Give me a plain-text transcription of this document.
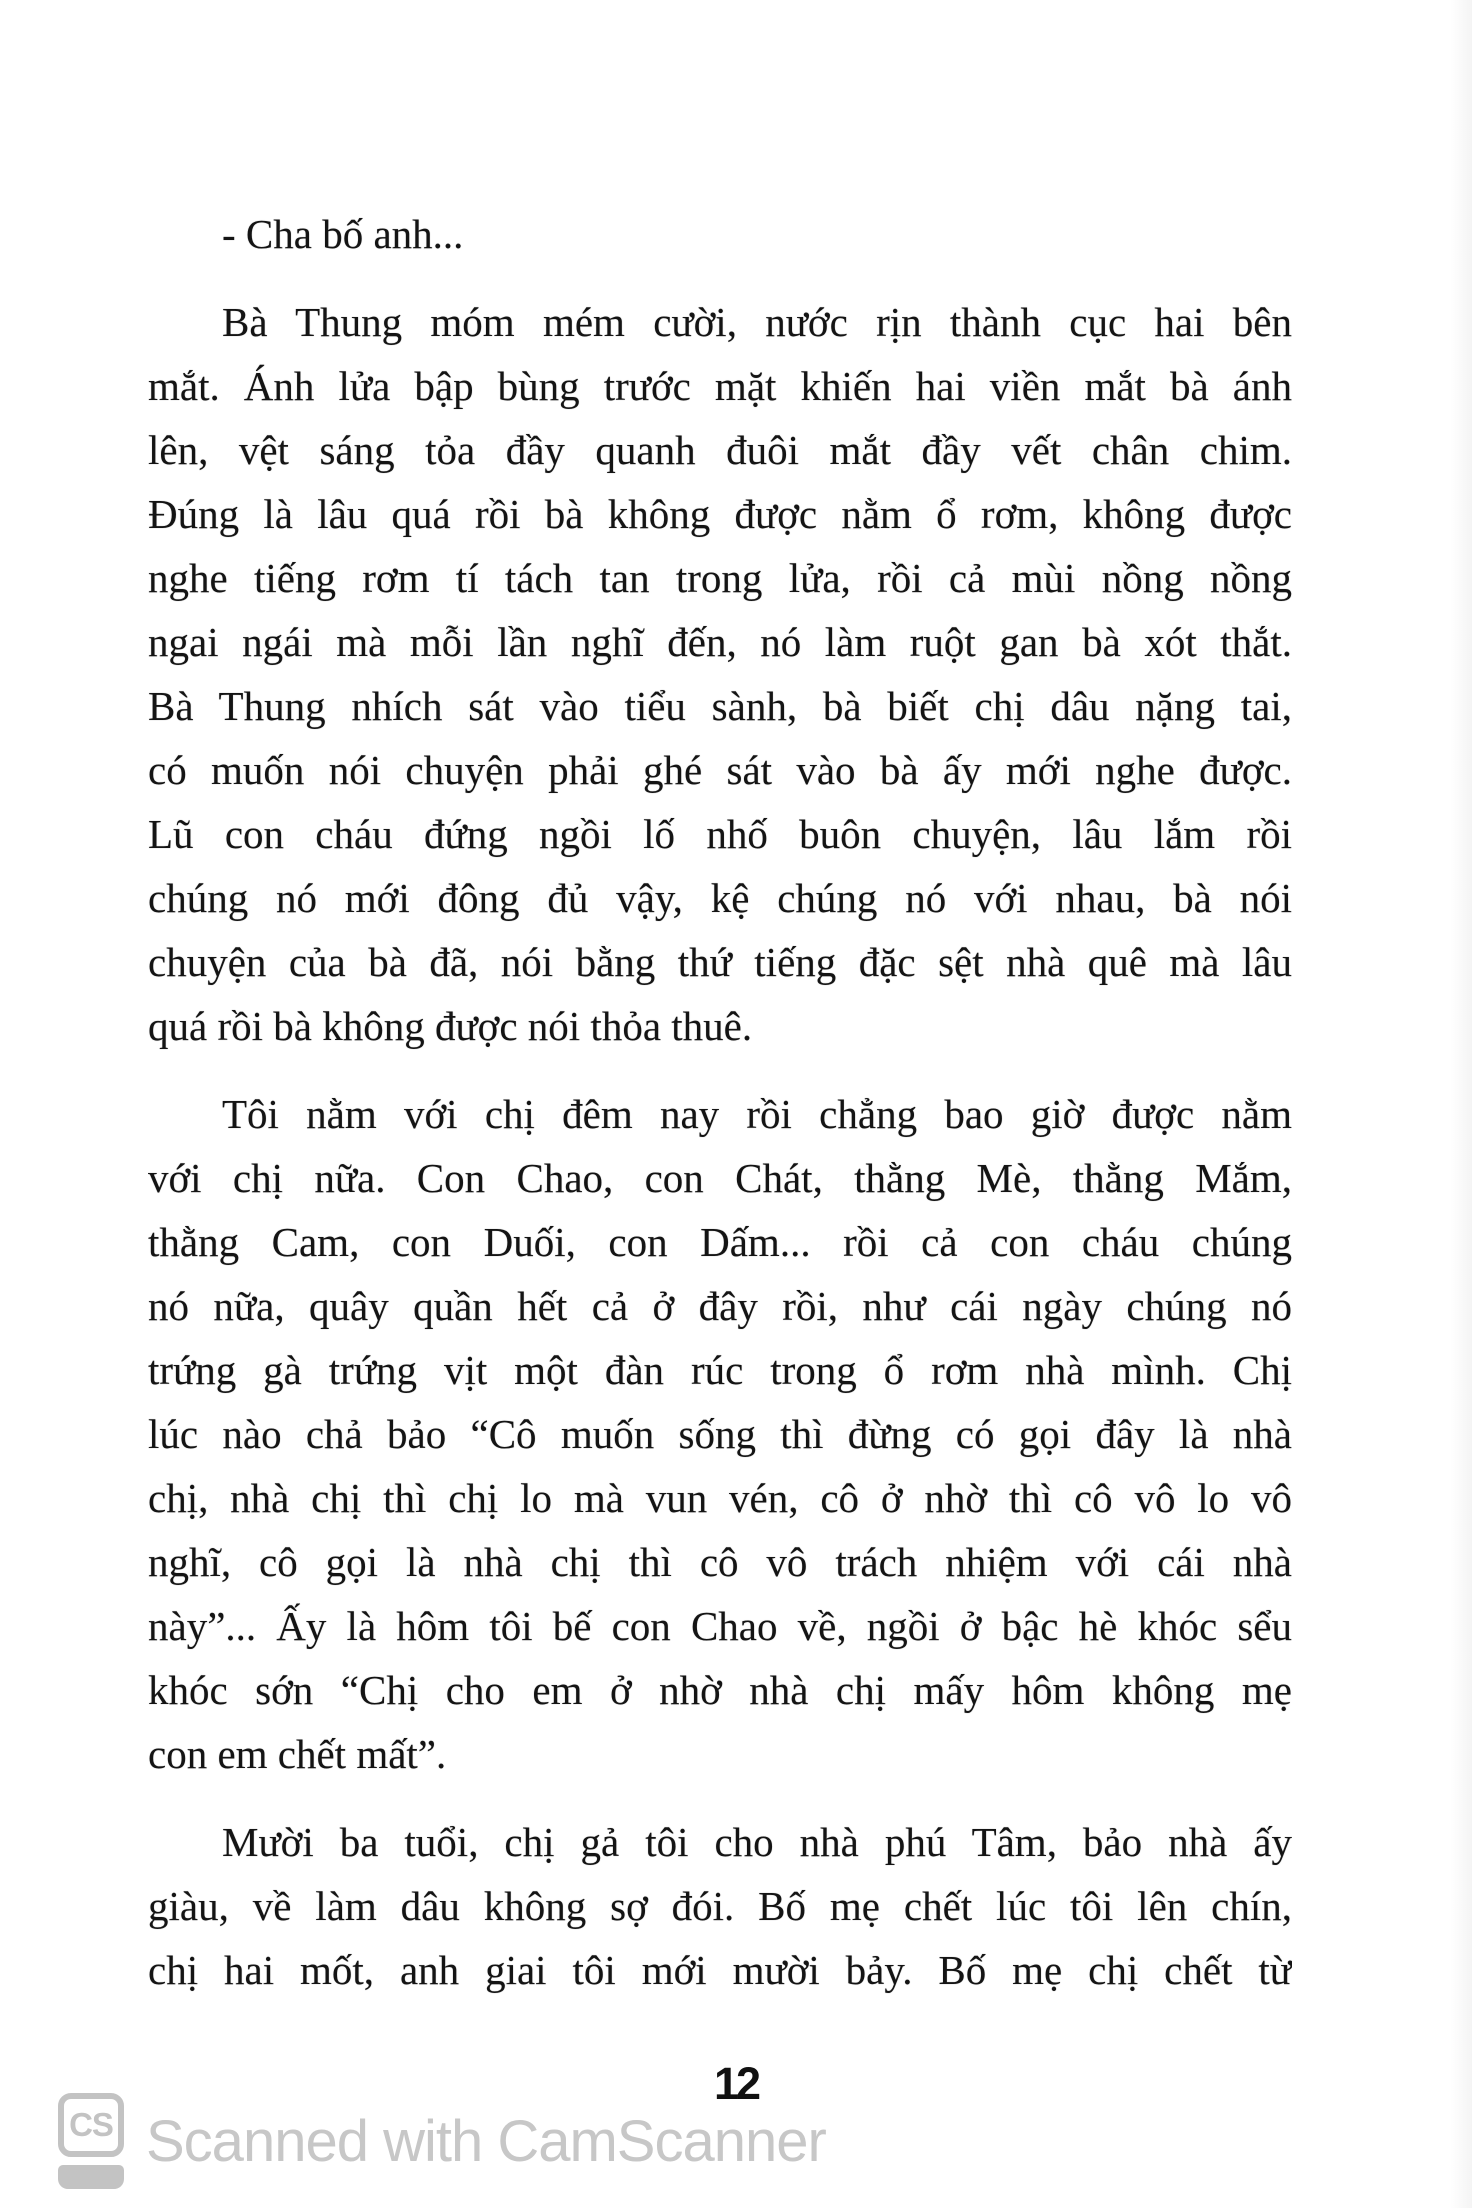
- Cha bố anh...
Bà Thung móm mém cười, nước rịn thành cục hai bên
mắt. Ánh lửa bập bùng trước mặt khiến hai viền mắt bà ánh
lên, vệt sáng tỏa đầy quanh đuôi mắt đầy vết chân chim.
Đúng là lâu quá rồi bà không được nằm ổ rơm, không được
nghe tiếng rơm tí tách tan trong lửa, rồi cả mùi nồng nồng
ngai ngái mà mỗi lần nghĩ đến, nó làm ruột gan bà xót thắt.
Bà Thung nhích sát vào tiểu sành, bà biết chị dâu nặng tai,
có muốn nói chuyện phải ghé sát vào bà ấy mới nghe được.
Lũ con cháu đứng ngồi lố nhố buôn chuyện, lâu lắm rồi
chúng nó mới đông đủ vậy, kệ chúng nó với nhau, bà nói
chuyện của bà đã, nói bằng thứ tiếng đặc sệt nhà quê mà lâu
quá rồi bà không được nói thỏa thuê.
Tôi nằm với chị đêm nay rồi chẳng bao giờ được nằm
với chị nữa. Con Chao, con Chát, thằng Mè, thằng Mắm,
thằng Cam, con Duối, con Dấm... rồi cả con cháu chúng
nó nữa, quây quần hết cả ở đây rồi, như cái ngày chúng nó
trứng gà trứng vịt một đàn rúc trong ổ rơm nhà mình. Chị
lúc nào chả bảo “Cô muốn sống thì đừng có gọi đây là nhà
chị, nhà chị thì chị lo mà vun vén, cô ở nhờ thì cô vô lo vô
nghĩ, cô gọi là nhà chị thì cô vô trách nhiệm với cái nhà
này”... Ấy là hôm tôi bế con Chao về, ngồi ở bậc hè khóc sểu
khóc sớn “Chị cho em ở nhờ nhà chị mấy hôm không mẹ
con em chết mất”.
Mười ba tuổi, chị gả tôi cho nhà phú Tâm, bảo nhà ấy
giàu, về làm dâu không sợ đói. Bố mẹ chết lúc tôi lên chín,
chị hai mốt, anh giai tôi mới mười bảy. Bố mẹ chị chết từ
12
CS Scanned with CamScanner
